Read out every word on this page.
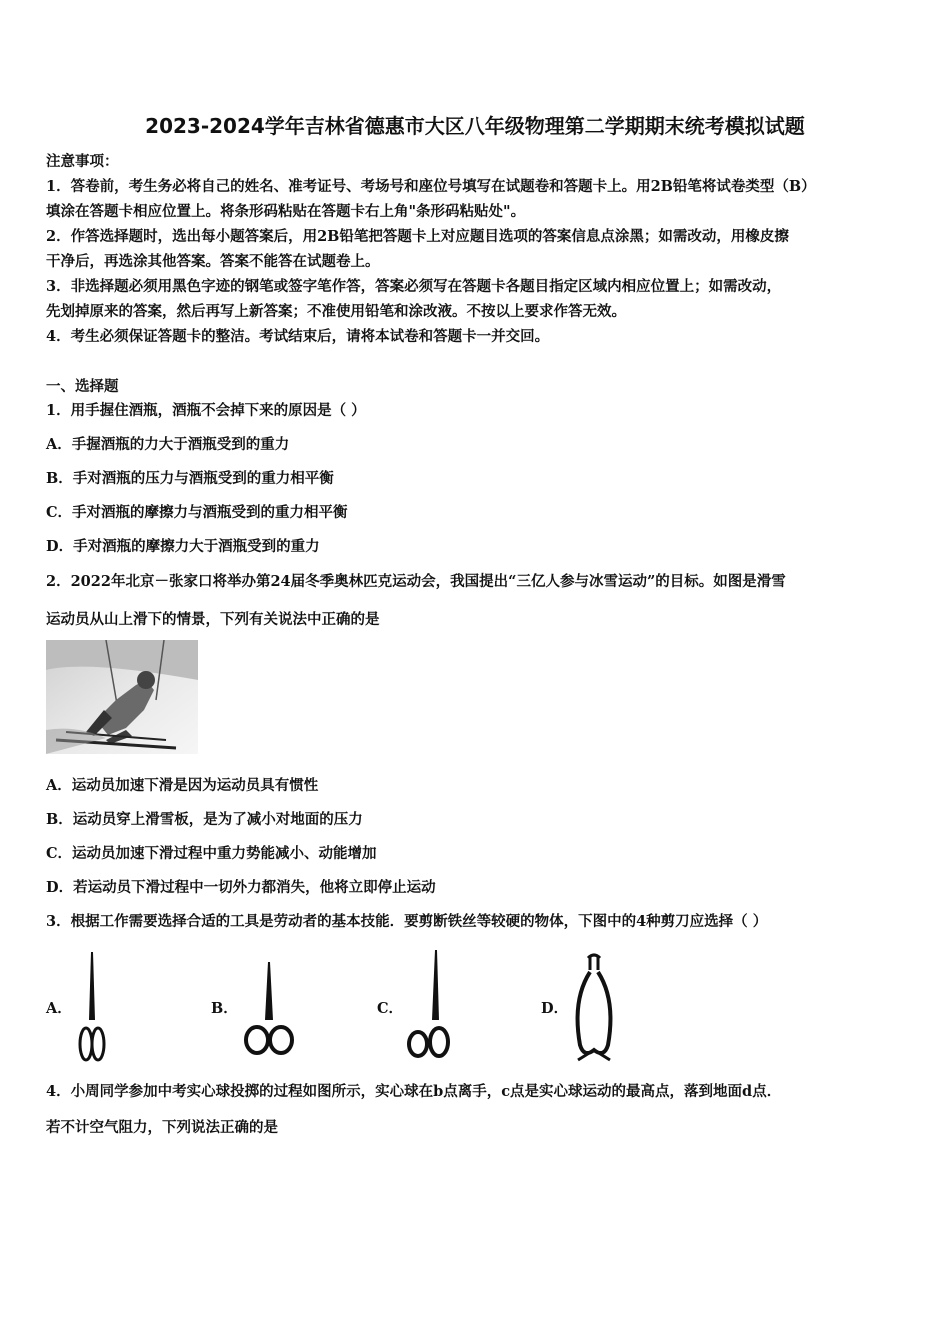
2023-2024学年吉林省德惠市大区八年级物理第二学期期末统考模拟试题
注意事项：
1．答卷前，考生务必将自己的姓名、准考证号、考场号和座位号填写在试题卷和答题卡上。用2B铅笔将试卷类型（B）
填涂在答题卡相应位置上。将条形码粘贴在答题卡右上角"条形码粘贴处"。
2．作答选择题时，选出每小题答案后，用2B铅笔把答题卡上对应题目选项的答案信息点涂黑；如需改动，用橡皮擦
干净后，再选涂其他答案。答案不能答在试题卷上。
3．非选择题必须用黑色字迹的钢笔或签字笔作答，答案必须写在答题卡各题目指定区域内相应位置上；如需改动，
先划掉原来的答案，然后再写上新答案；不准使用铅笔和涂改液。不按以上要求作答无效。
4．考生必须保证答题卡的整洁。考试结束后，请将本试卷和答题卡一并交回。
一、选择题
1．用手握住酒瓶，酒瓶不会掉下来的原因是（ ）
A．手握酒瓶的力大于酒瓶受到的重力
B．手对酒瓶的压力与酒瓶受到的重力相平衡
C．手对酒瓶的摩擦力与酒瓶受到的重力相平衡
D．手对酒瓶的摩擦力大于酒瓶受到的重力
2．2022年北京－张家口将举办第24届冬季奥林匹克运动会，我国提出“三亿人参与冰雪运动”的目标。如图是滑雪
运动员从山上滑下的情景，下列有关说法中正确的是
A．运动员加速下滑是因为运动员具有惯性
B．运动员穿上滑雪板，是为了减小对地面的压力
C．运动员加速下滑过程中重力势能减小、动能增加
D．若运动员下滑过程中一切外力都消失，他将立即停止运动
3．根据工作需要选择合适的工具是劳动者的基本技能．要剪断铁丝等较硬的物体，下图中的4种剪刀应选择（ ）
A．	B．	C．	D．
4．小周同学参加中考实心球投掷的过程如图所示，实心球在b点离手，c点是实心球运动的最高点，落到地面d点．
若不计空气阻力，下列说法正确的是
